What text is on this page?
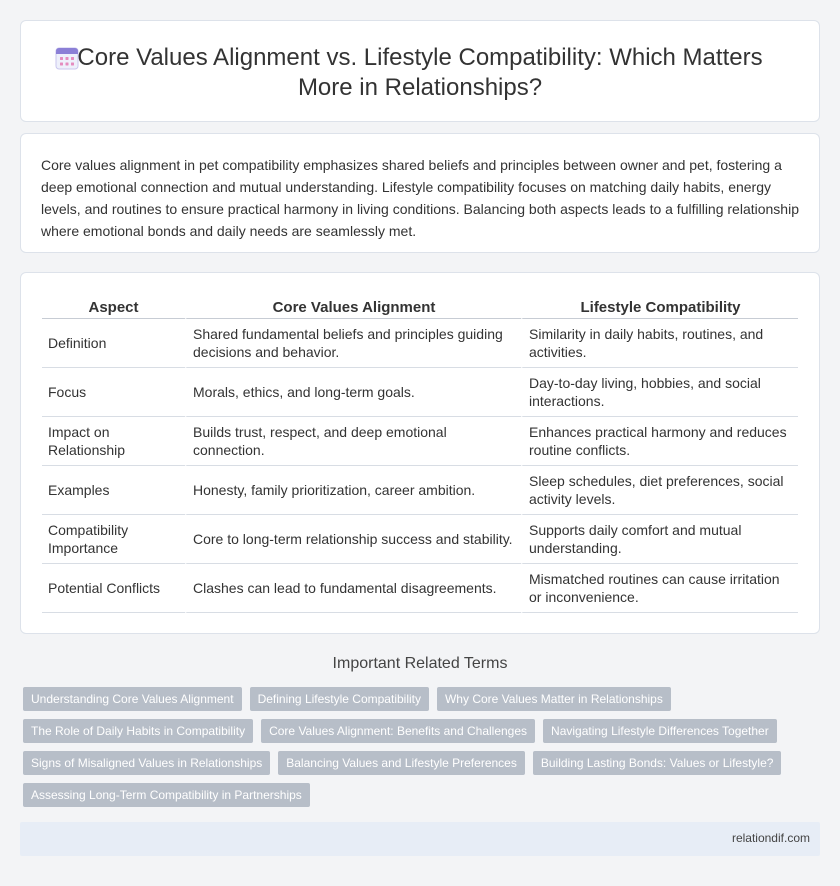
Core Values Alignment vs. Lifestyle Compatibility: Which Matters
More in Relationships?

Core values alignment in pet compatibility emphasizes shared beliefs and principles between owner and pet, fostering a deep emotional connection and mutual understanding. Lifestyle compatibility focuses on matching daily habits, energy levels, and routines to ensure practical harmony in living conditions. Balancing both aspects leads to a fulfilling relationship where emotional bonds and daily needs are seamlessly met.

Aspect	Core Values Alignment	Lifestyle Compatibility
Definition	Shared fundamental beliefs and principles guiding decisions and behavior.	Similarity in daily habits, routines, and activities.
Focus	Morals, ethics, and long-term goals.	Day-to-day living, hobbies, and social interactions.
Impact on Relationship	Builds trust, respect, and deep emotional connection.	Enhances practical harmony and reduces routine conflicts.
Examples	Honesty, family prioritization, career ambition.	Sleep schedules, diet preferences, social activity levels.
Compatibility Importance	Core to long-term relationship success and stability.	Supports daily comfort and mutual understanding.
Potential Conflicts	Clashes can lead to fundamental disagreements.	Mismatched routines can cause irritation or inconvenience.
Important Related Terms
Understanding Core Values Alignment	Defining Lifestyle Compatibility	Why Core Values Matter in Relationships
The Role of Daily Habits in Compatibility	Core Values Alignment: Benefits and Challenges	Navigating Lifestyle Differences Together
Signs of Misaligned Values in Relationships	Balancing Values and Lifestyle Preferences	Building Lasting Bonds: Values or Lifestyle?
Assessing Long-Term Compatibility in Partnerships
relationdif.com
